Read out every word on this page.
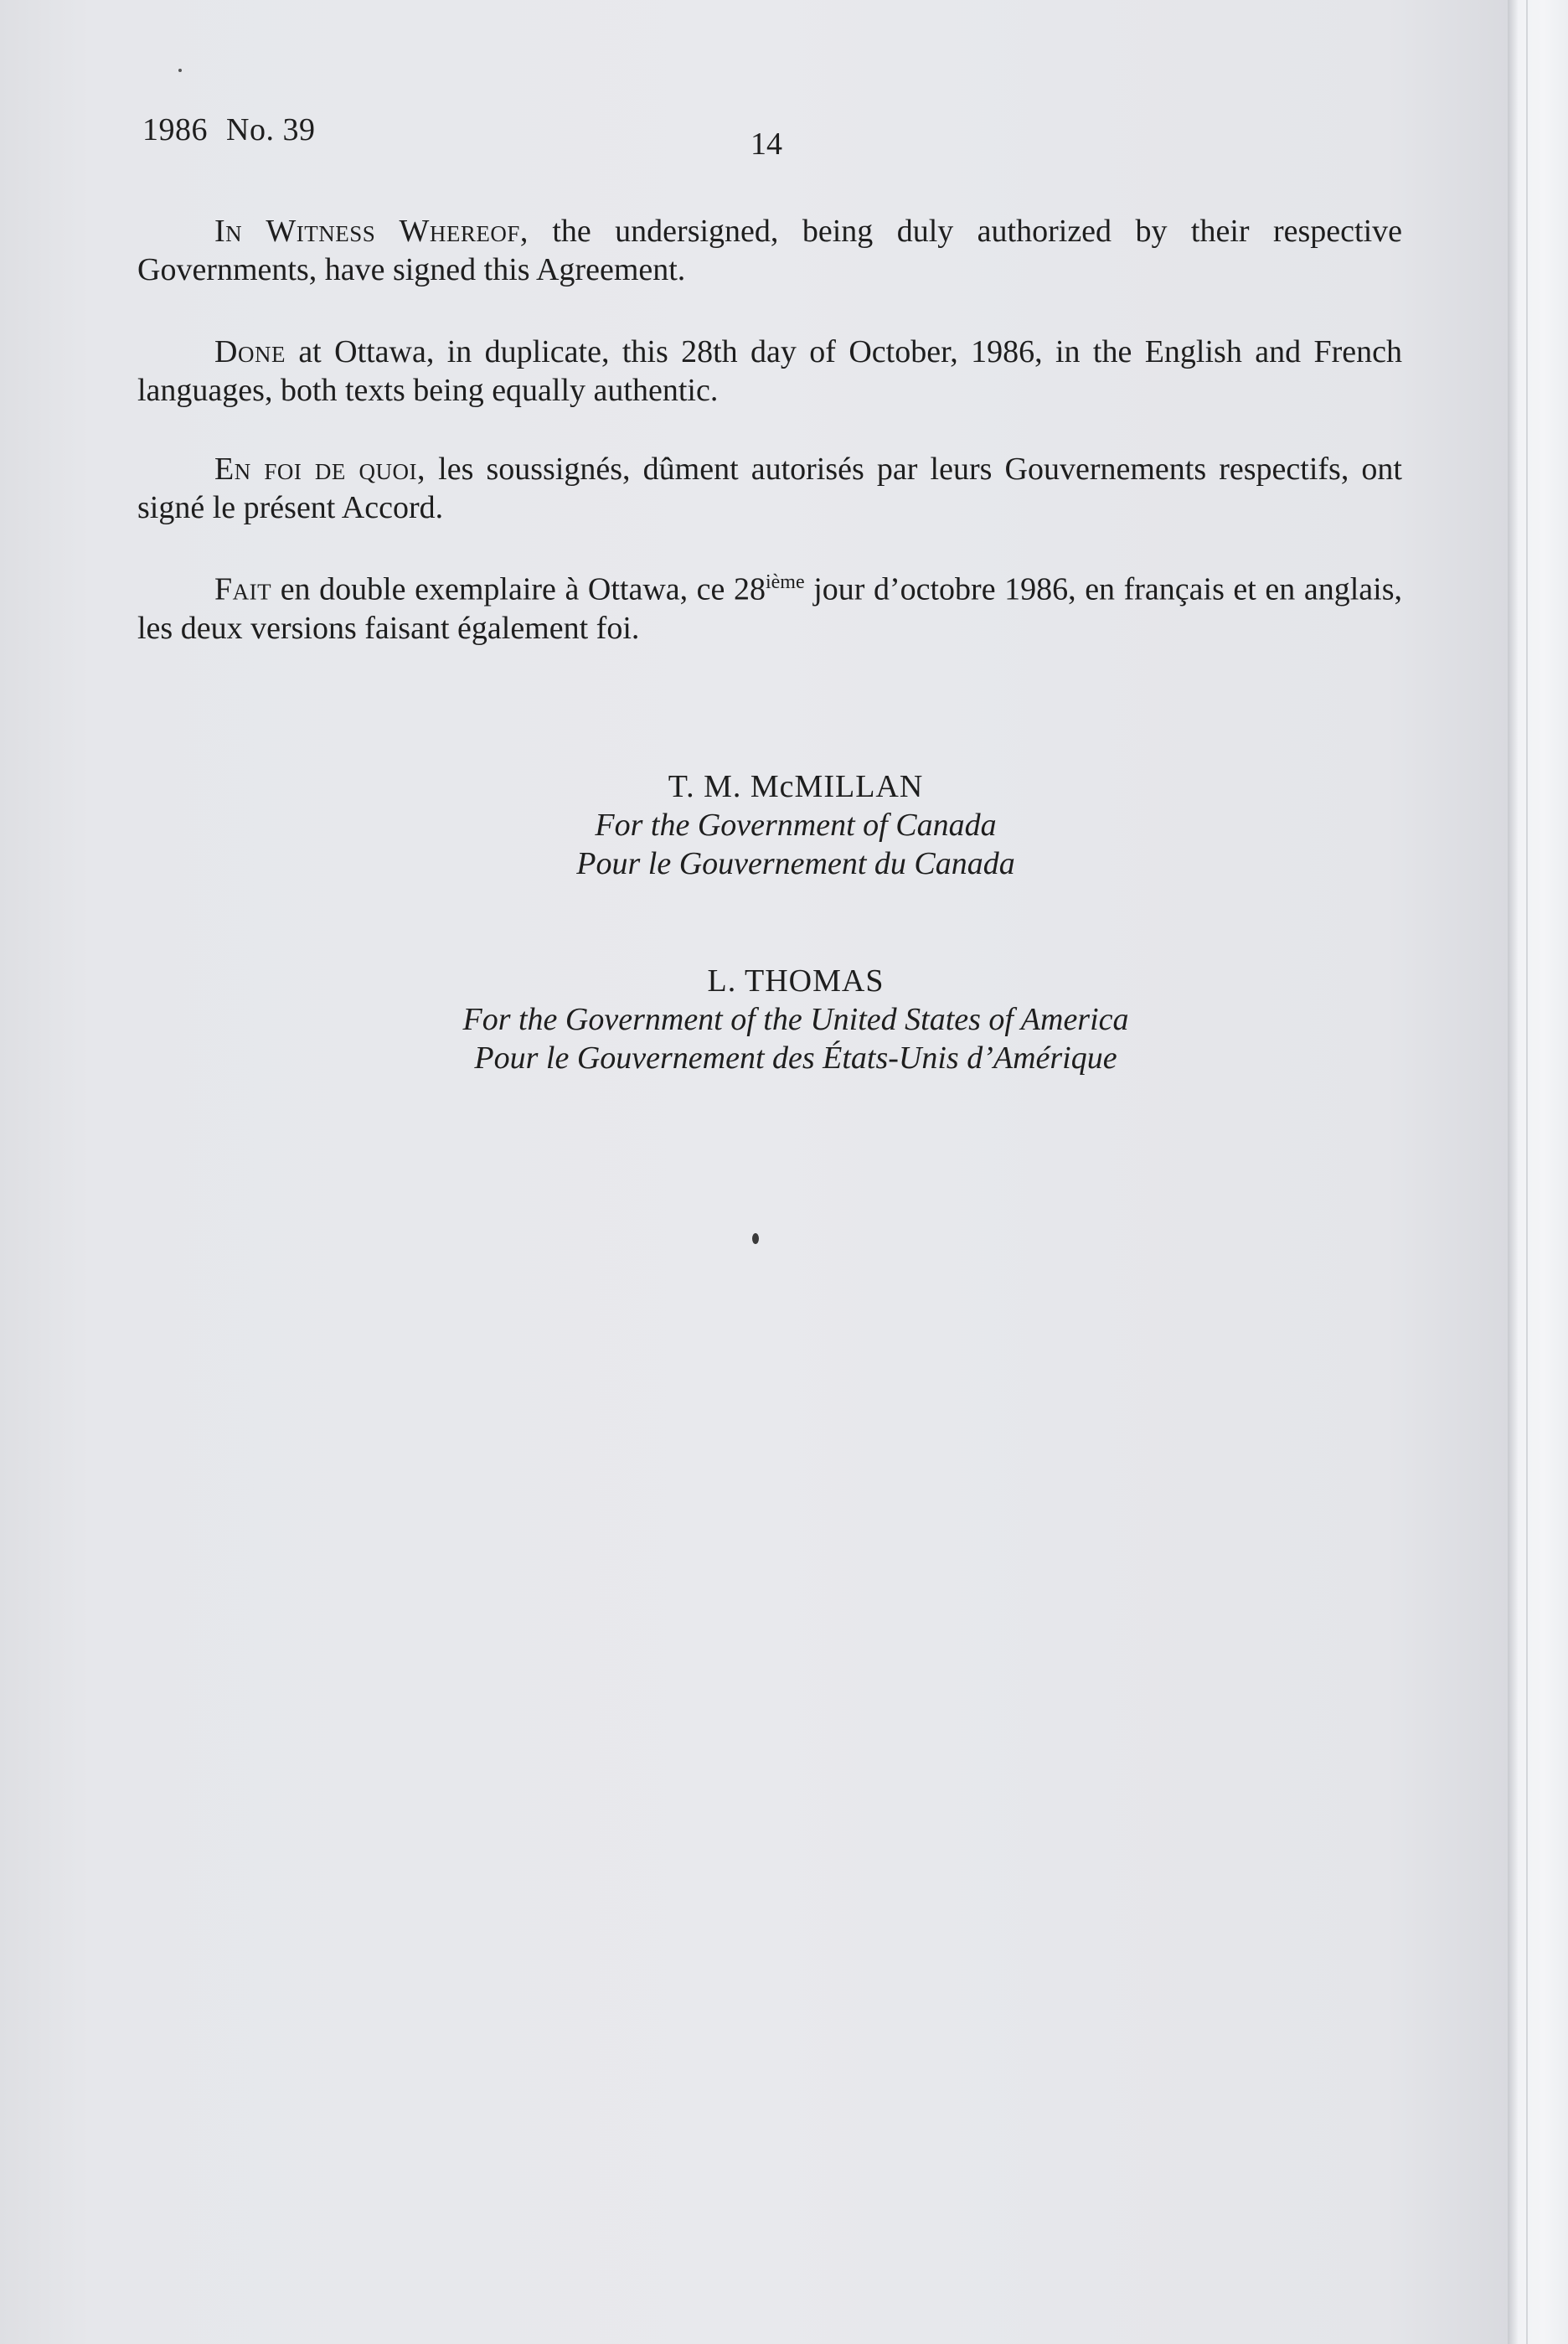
1986 No. 39	14
In Witness Whereof, the undersigned, being duly authorized by their respective Governments, have signed this Agreement.
Done at Ottawa, in duplicate, this 28th day of October, 1986, in the English and French languages, both texts being equally authentic.
En foi de quoi, les soussignés, dûment autorisés par leurs Gouvernements respectifs, ont signé le présent Accord.
Fait en double exemplaire à Ottawa, ce 28ième jour d’octobre 1986, en français et en anglais, les deux versions faisant également foi.
T. M. McMILLAN
For the Government of Canada
Pour le Gouvernement du Canada
L. THOMAS
For the Government of the United States of America
Pour le Gouvernement des États-Unis d’Amérique
